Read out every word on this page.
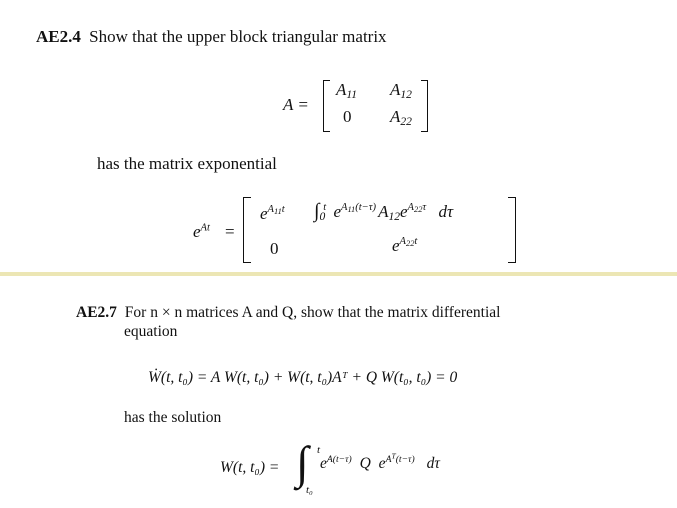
AE2.4 Show that the upper block triangular matrix
A =
$A_{11}$ $A_{12}$
0 $A_{22}$
has the matrix exponential
$e^{At}$ =
$e^{A11t}$ $\int_0^t$ $e^{A11(t-\tau)}$ $A_{12}e^{A22\tau}$ dτ
0	$e^{A22t}$
AE2.7 For n × n matrices A and Q, show that the matrix differential
equation
Ẇ(t, t₀) = A W(t, t₀) + W(t, t₀)Aᵀ + Q W(t₀, t₀) = 0
has the solution
W(t, t₀) = ∫ t
t₀
$e^{A(t-\tau)}$ Q $e^{A^T(t-\tau)}$ dτ
